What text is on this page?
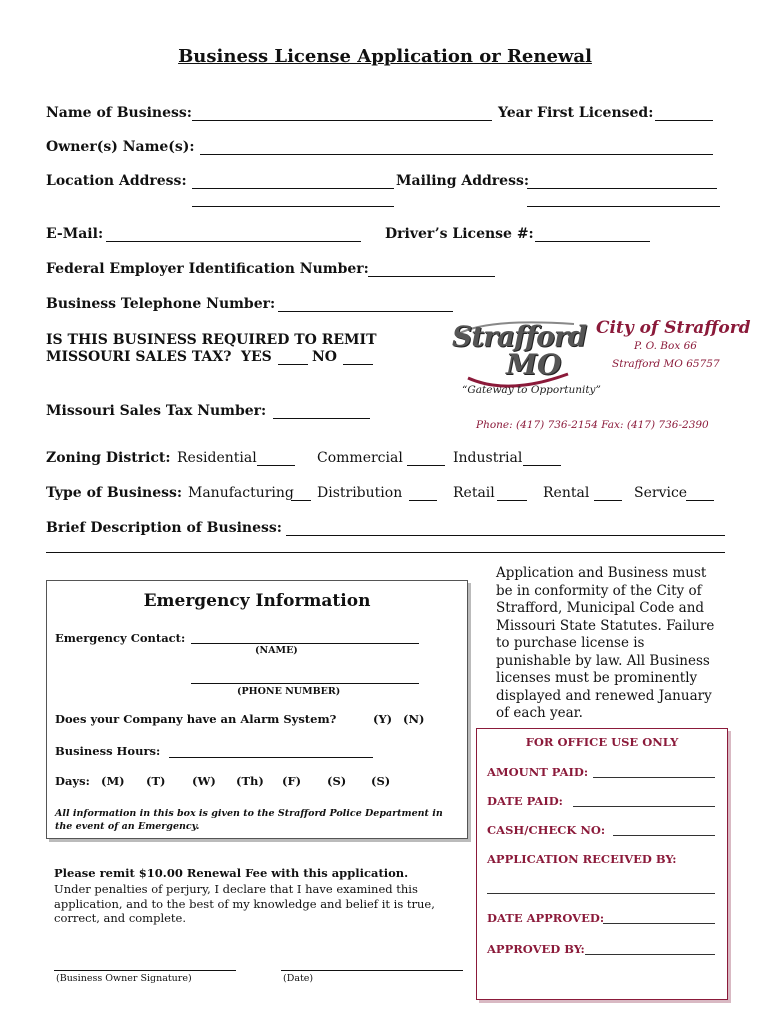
Business License Application or Renewal
Name of Business:	Year First Licensed:
Owner(s) Name(s):
Location Address:	Mailing Address:
E-Mail:	Driver’s License #:
Federal Employer Identification Number:
Business Telephone Number:
IS THIS BUSINESS REQUIRED TO REMIT
MISSOURI SALES TAX? YES	NO
Strafford
MO
“Gateway to Opportunity”
City of Strafford
P. O. Box 66
Strafford MO 65757
Phone: (417) 736-2154 Fax: (417) 736-2390
Missouri Sales Tax Number:
Zoning District: Residential	Commercial	Industrial
Type of Business: Manufacturing Distribution	Retail	Rental	Service
Brief Description of Business:
Emergency Information
Emergency Contact:
(NAME)
(PHONE NUMBER)
Does your Company have an Alarm System?	(Y) (N)
Business Hours:
Days: (M) (T) (W) (Th) (F) (S) (S)
All information in this box is given to the Strafford Police Department in the event of an Emergency.
Application and Business must be in conformity of the City of Strafford, Municipal Code and Missouri State Statutes. Failure to purchase license is punishable by law. All Business licenses must be prominently displayed and renewed January of each year.
FOR OFFICE USE ONLY
AMOUNT PAID:
DATE PAID:
CASH/CHECK NO:
APPLICATION RECEIVED BY:
DATE APPROVED:
APPROVED BY:
Please remit $10.00 Renewal Fee with this application.
Under penalties of perjury, I declare that I have examined this application, and to the best of my knowledge and belief it is true, correct, and complete.
(Business Owner Signature)	(Date)
